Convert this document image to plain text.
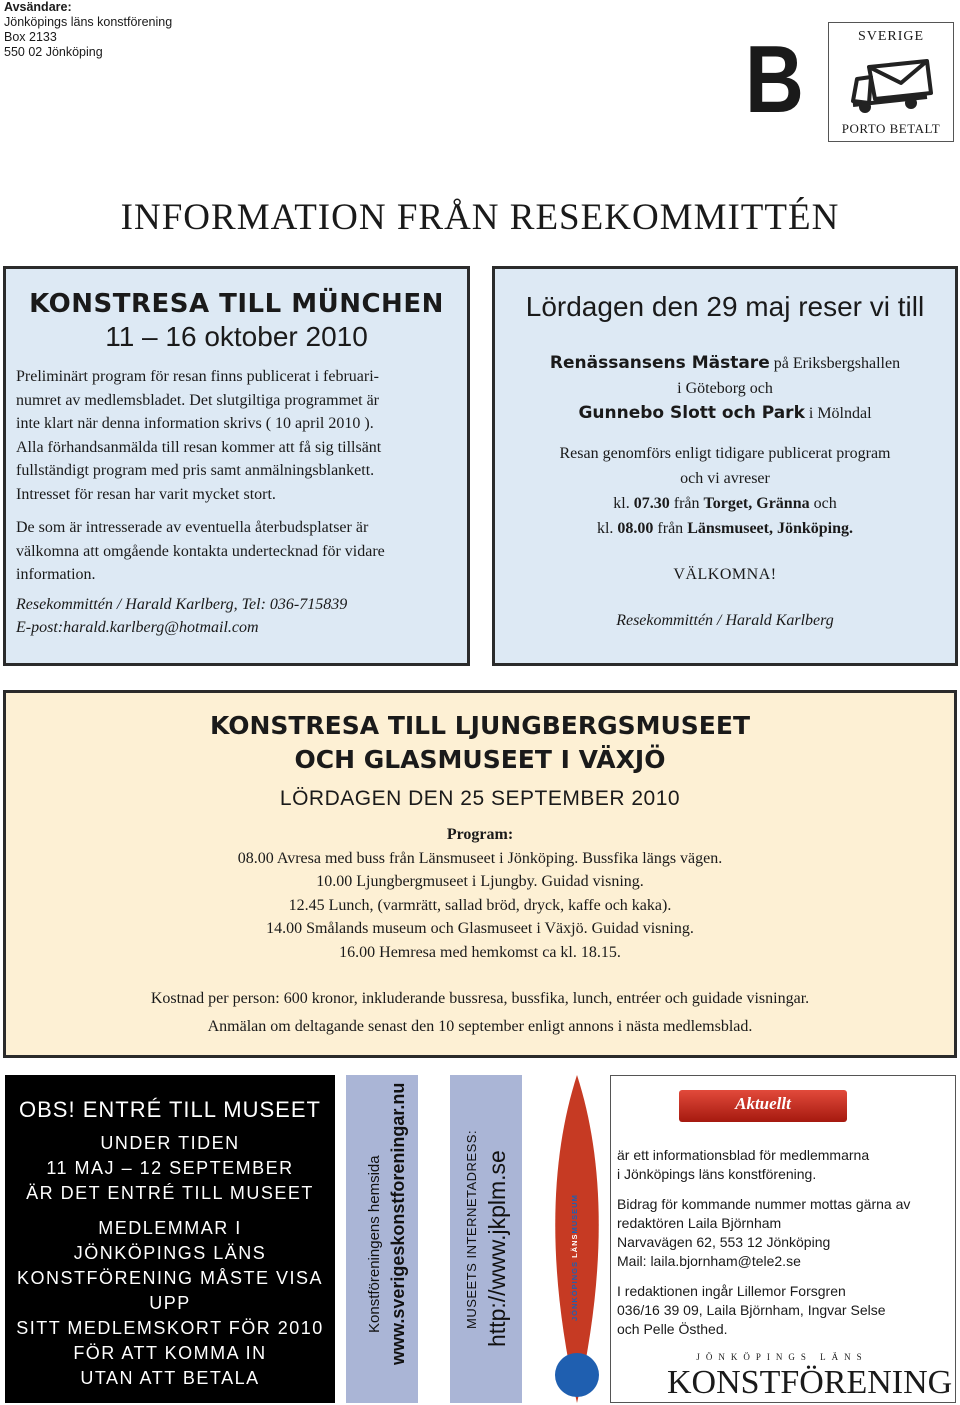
Avsändare:
Jönköpings läns konstförening
Box 2133
550 02 Jönköping	B	SVERIGE
PORTO BETALT
INFORMATION FRÅN RESEKOMMITTÉN
KONSTRESA TILL MÜNCHEN
11 – 16 oktober 2010
Preliminärt program för resan finns publicerat i februari-
numret av medlemsbladet. Det slutgiltiga programmet är
inte klart när denna information skrivs ( 10 april 2010 ).
Alla förhandsanmälda till resan kommer att få sig tillsänt
fullständigt program med pris samt anmälningsblankett.
Intresset för resan har varit mycket stort.
De som är intresserade av eventuella återbudsplatser är
välkomna att omgående kontakta undertecknad för vidare
information.
Resekommittén / Harald Karlberg, Tel: 036-715839
E-post:harald.karlberg@hotmail.com
Lördagen den 29 maj reser vi till
Renässansens Mästare på Eriksbergshallen
i Göteborg och
Gunnebo Slott och Park i Mölndal
Resan genomförs enligt tidigare publicerat program
och vi avreser
kl. 07.30 från Torget, Gränna och
kl. 08.00 från Länsmuseet, Jönköping.
VÄLKOMNA!
Resekommittén / Harald Karlberg
KONSTRESA TILL LJUNGBERGSMUSEET
OCH GLASMUSEET I VÄXJÖ
LÖRDAGEN DEN 25 SEPTEMBER 2010
Program:
08.00 Avresa med buss från Länsmuseet i Jönköping. Bussfika längs vägen.
10.00 Ljungbergmuseet i Ljungby. Guidad visning.
12.45 Lunch, (varmrätt, sallad bröd, dryck, kaffe och kaka).
14.00 Smålands museum och Glasmuseet i Växjö. Guidad visning.
16.00 Hemresa med hemkomst ca kl. 18.15.
Kostnad per person: 600 kronor, inkluderande bussresa, bussfika, lunch, entréer och guidade visningar.
Anmälan om deltagande senast den 10 september enligt annons i nästa medlemsblad.
OBS! ENTRÉ TILL MUSEET
UNDER TIDEN
11 MAJ – 12 SEPTEMBER
ÄR DET ENTRÉ TILL MUSEET
MEDLEMMAR I
JÖNKÖPINGS LÄNS
KONSTFÖRENING MÅSTE VISA
UPP
SITT MEDLEMSKORT FÖR 2010
FÖR ATT KOMMA IN
UTAN ATT BETALA
Konstföreningens hemsida www.sverigeskonstforeningar.nu	MUSEETS INTERNETADRESS: http://www.jkplm.se	JÖNKÖPINGS LÄNSMUSEUM
Aktuellt

är ett informationsblad för medlemmarna
i Jönköpings läns konstförening.

Bidrag för kommande nummer mottas gärna av
redaktören Laila Björnham
Narvavägen 62, 553 12 Jönköping
Mail: laila.bjornham@tele2.se

I redaktionen ingår Lillemor Forsgren
036/16 39 09, Laila Björnham, Ingvar Selse
och Pelle Östhed.

JÖNKÖPINGS LÄNS
KONSTFÖRENING
